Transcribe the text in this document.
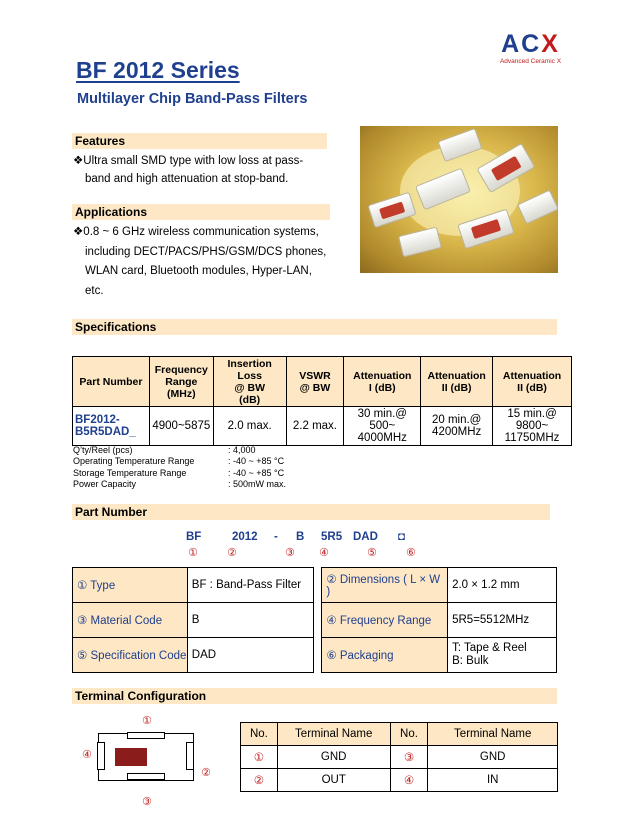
ACX
Advanced Ceramic X
BF 2012 Series
Multilayer Chip Band-Pass Filters
Features
❖Ultra small SMD type with low loss at pass-
band and high attenuation at stop-band.
Applications
❖0.8 ~ 6 GHz wireless communication systems,
including DECT/PACS/PHS/GSM/DCS phones,
WLAN card, Bluetooth modules, Hyper-LAN,
etc.
Specifications
Part Number	Frequency
Range
(MHz)	Insertion Loss
@ BW
(dB)	VSWR
@ BW	Attenuation
I (dB)	Attenuation
II (dB)	Attenuation
II (dB)
BF2012-
B5R5DAD_	4900~5875	2.0 max.	2.2 max.	30 min.@
500~
4000MHz	20 min.@
4200MHz	15 min.@
9800~
11750MHz
Q’ty/Reel (pcs)	: 4,000
Operating Temperature Range	: -40 ~ +85 °C
Storage Temperature Range	: -40 ~ +85 °C
Power Capacity	: 500mW max.
Part Number
BF	2012 - B 5R5 DAD ◘
①	②	③ ④	⑤	⑥
① Type	BF : Band-Pass Filter		② Dimensions ( L × W )	2.0 × 1.2 mm
③ Material Code	B		④ Frequency Range	5R5=5512MHz
⑤ Specification Code	DAD		⑥ Packaging	T: Tape & Reel
B: Bulk
Terminal Configuration
①
④
②
③
No.	Terminal Name	No.	Terminal Name
①	GND	③	GND
②	OUT	④	IN
